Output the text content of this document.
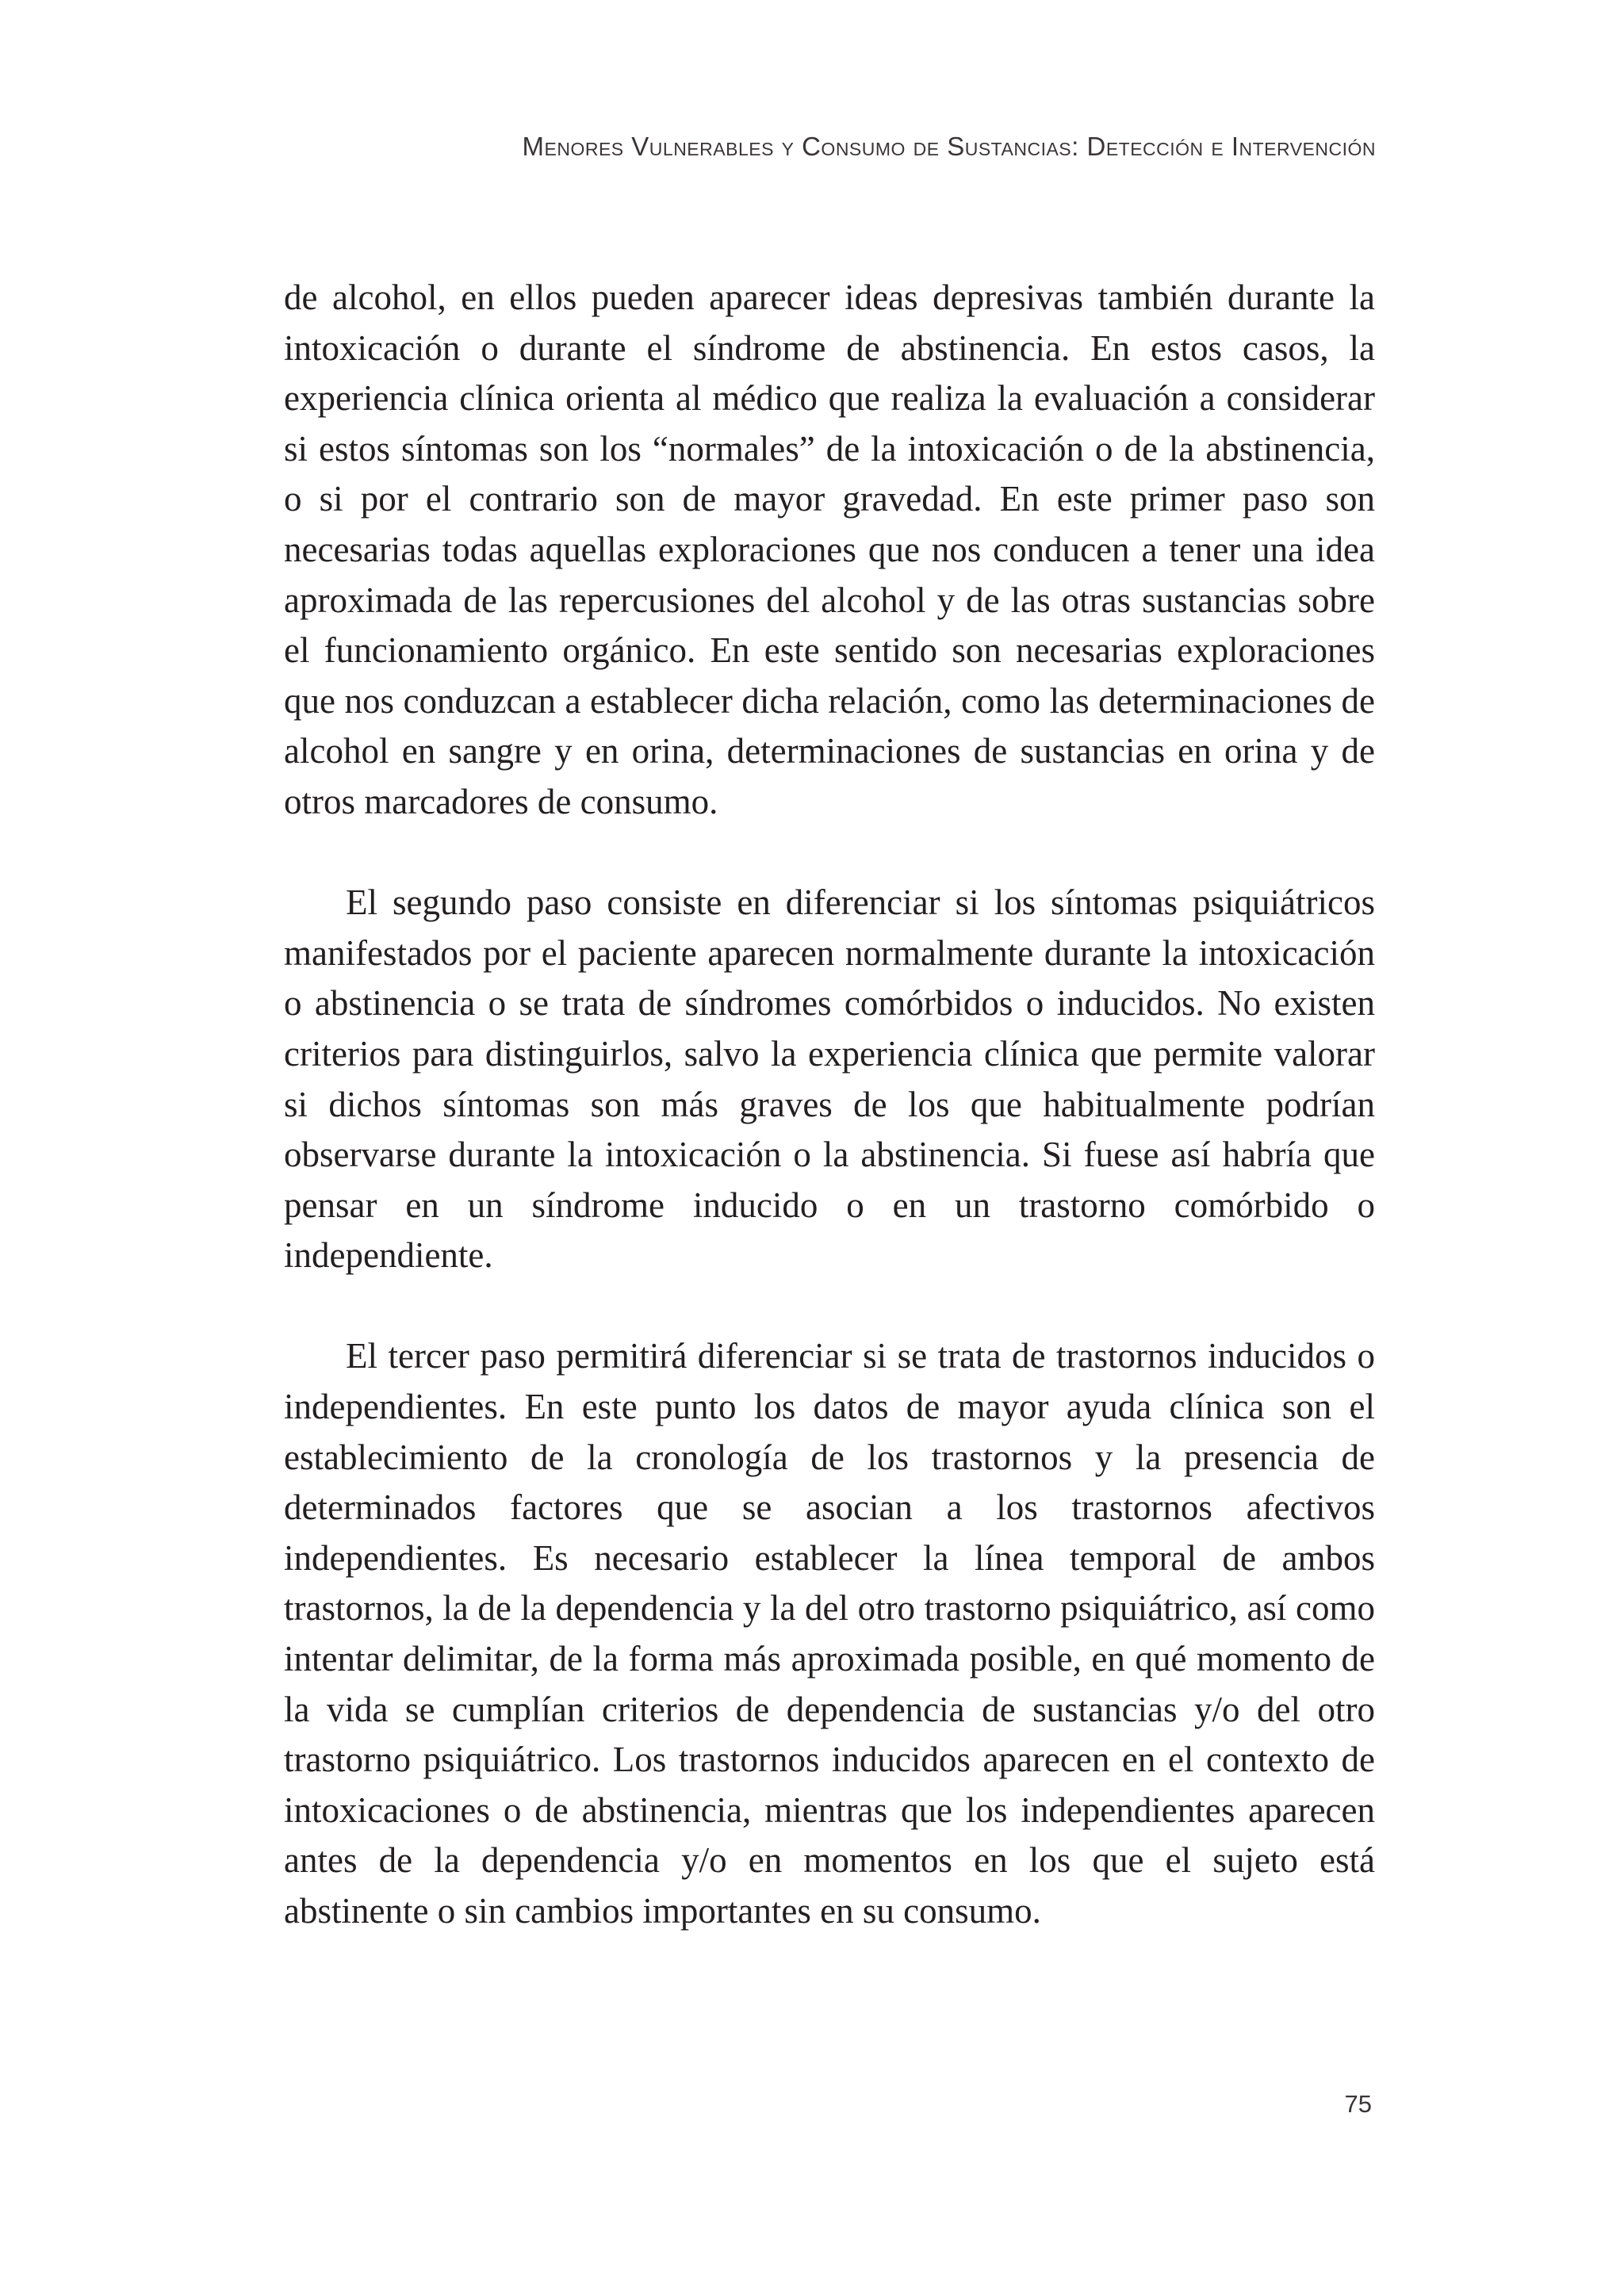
Menores Vulnerables y Consumo de Sustancias: Detección e Intervención

de alcohol, en ellos pueden aparecer ideas depresivas también durante la intoxicación o durante el síndrome de abstinencia. En estos casos, la experiencia clínica orienta al médico que realiza la evaluación a considerar si estos síntomas son los “normales” de la intoxicación o de la abstinencia, o si por el contrario son de mayor gravedad. En este primer paso son necesarias todas aquellas exploraciones que nos conducen a tener una idea aproximada de las repercusiones del alcohol y de las otras sustancias sobre el funcionamiento orgánico. En este sentido son necesarias exploraciones que nos conduzcan a establecer dicha relación, como las determinaciones de alcohol en sangre y en orina, determinaciones de sustancias en orina y de otros marcadores de consumo.

El segundo paso consiste en diferenciar si los síntomas psiquiátricos manifestados por el paciente aparecen normalmente durante la intoxicación o abstinencia o se trata de síndromes comórbidos o inducidos. No existen criterios para distinguirlos, salvo la experiencia clínica que permite valorar si dichos síntomas son más graves de los que habitualmente podrían observarse durante la intoxicación o la abstinencia. Si fuese así habría que pensar en un síndrome inducido o en un trastorno comórbido o independiente.

El tercer paso permitirá diferenciar si se trata de trastornos inducidos o independientes. En este punto los datos de mayor ayuda clínica son el establecimiento de la cronología de los trastornos y la presencia de determinados factores que se asocian a los trastornos afectivos independientes. Es necesario establecer la línea temporal de ambos trastornos, la de la dependencia y la del otro trastorno psiquiátrico, así como intentar delimitar, de la forma más aproximada posible, en qué momento de la vida se cumplían criterios de dependencia de sustancias y/o del otro trastorno psiquiátrico. Los trastornos inducidos aparecen en el contexto de intoxicaciones o de abstinencia, mientras que los independientes aparecen antes de la dependencia y/o en momentos en los que el sujeto está abstinente o sin cambios importantes en su consumo.

75
